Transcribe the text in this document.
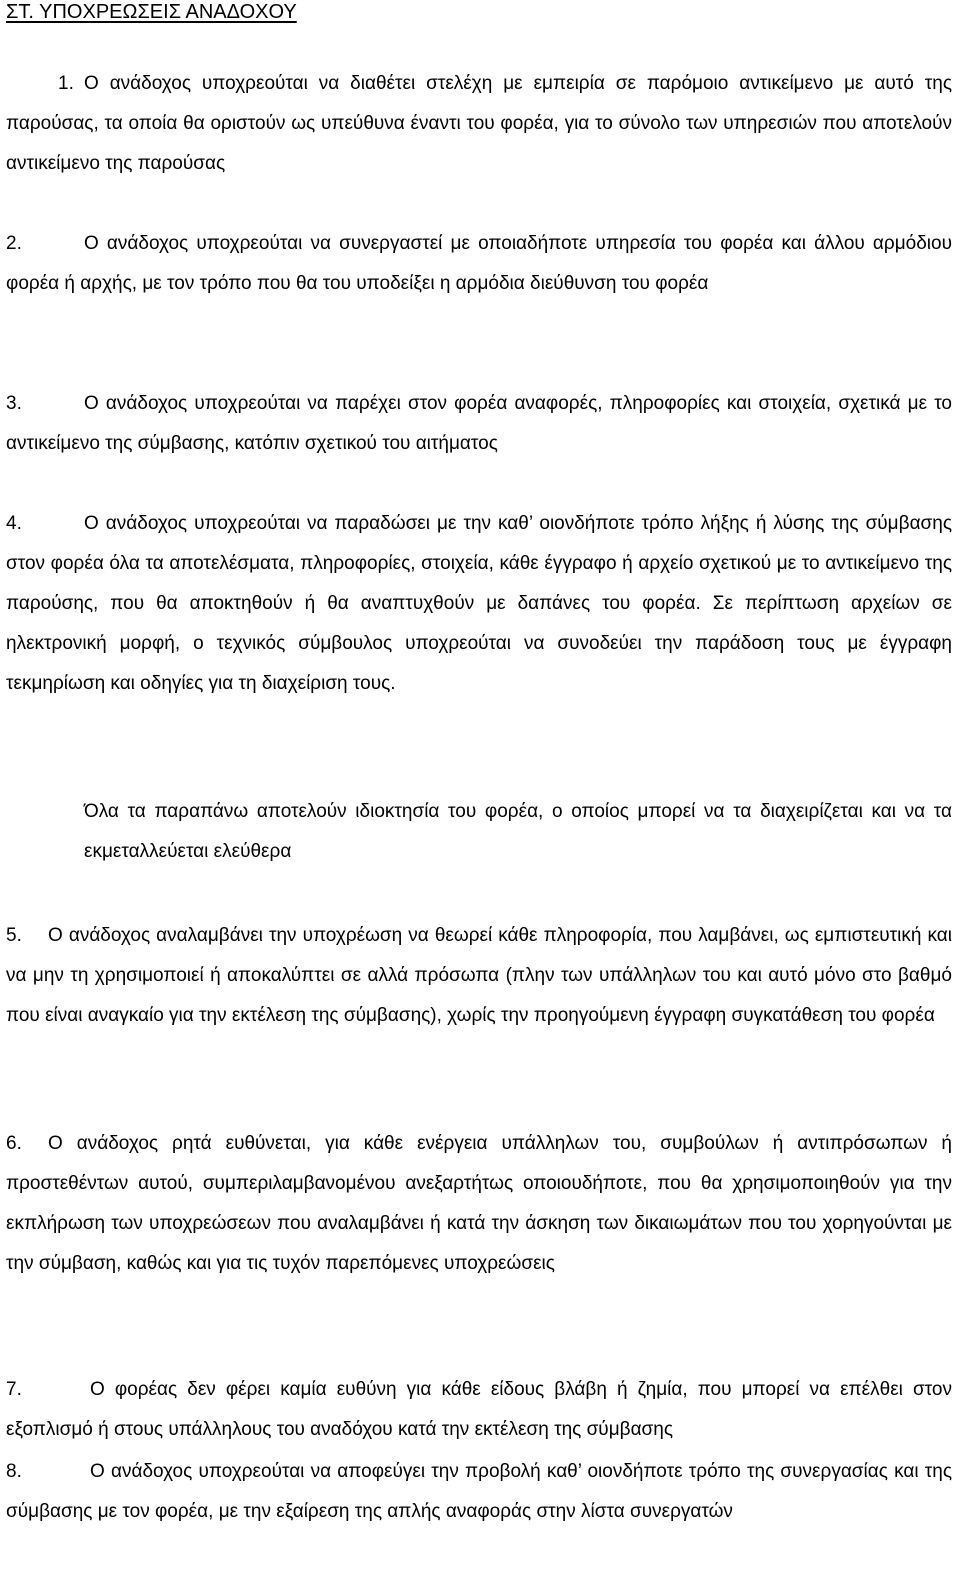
ΣΤ. ΥΠΟΧΡΕΩΣΕΙΣ ΑΝΑΔΟΧΟΥ

1. Ο ανάδοχος υποχρεούται να διαθέτει στελέχη με εμπειρία σε παρόμοιο αντικείμενο με αυτό της παρούσας, τα οποία θα οριστούν ως υπεύθυνα έναντι του φορέα, για το σύνολο των υπηρεσιών που αποτελούν αντικείμενο της παρούσας

2.	Ο ανάδοχος υποχρεούται να συνεργαστεί με οποιαδήποτε υπηρεσία του φορέα και άλλου αρμόδιου φορέα ή αρχής, με τον τρόπο που θα του υποδείξει η αρμόδια διεύθυνση του φορέα

3.	Ο ανάδοχος υποχρεούται να παρέχει στον φορέα αναφορές, πληροφορίες και στοιχεία, σχετικά με το αντικείμενο της σύμβασης, κατόπιν σχετικού του αιτήματος

4.	Ο ανάδοχος υποχρεούται να παραδώσει με την καθ’ οιονδήποτε τρόπο λήξης ή λύσης της σύμβασης στον φορέα όλα τα αποτελέσματα, πληροφορίες, στοιχεία, κάθε έγγραφο ή αρχείο σχετικού με το αντικείμενο της παρούσης, που θα αποκτηθούν ή θα αναπτυχθούν με δαπάνες του φορέα. Σε περίπτωση αρχείων σε ηλεκτρονική μορφή, ο τεχνικός σύμβουλος υποχρεούται να συνοδεύει την παράδοση τους με έγγραφη τεκμηρίωση και οδηγίες για τη διαχείριση τους.

Όλα τα παραπάνω αποτελούν ιδιοκτησία του φορέα, ο οποίος μπορεί να τα διαχειρίζεται και να τα εκμεταλλεύεται ελεύθερα

5. Ο ανάδοχος αναλαμβάνει την υποχρέωση να θεωρεί κάθε πληροφορία, που λαμβάνει, ως εμπιστευτική και να μην τη χρησιμοποιεί ή αποκαλύπτει σε αλλά πρόσωπα (πλην των υπάλληλων του και αυτό μόνο στο βαθμό που είναι αναγκαίο για την εκτέλεση της σύμβασης), χωρίς την προηγούμενη έγγραφη συγκατάθεση του φορέα

6. Ο ανάδοχος ρητά ευθύνεται, για κάθε ενέργεια υπάλληλων του, συμβούλων ή αντιπρόσωπων ή προστεθέντων αυτού, συμπεριλαμβανομένου ανεξαρτήτως οποιουδήποτε, που θα χρησιμοποιηθούν για την εκπλήρωση των υποχρεώσεων που αναλαμβάνει ή κατά την άσκηση των δικαιωμάτων που του χορηγούνται με την σύμβαση, καθώς και για τις τυχόν παρεπόμενες υποχρεώσεις

7.	Ο φορέας δεν φέρει καμία ευθύνη για κάθε είδους βλάβη ή ζημία, που μπορεί να επέλθει στον εξοπλισμό ή στους υπάλληλους του αναδόχου κατά την εκτέλεση της σύμβασης

8.	Ο ανάδοχος υποχρεούται να αποφεύγει την προβολή καθ’ οιονδήποτε τρόπο της συνεργασίας και της σύμβασης με τον φορέα, με την εξαίρεση της απλής αναφοράς στην λίστα συνεργατών
